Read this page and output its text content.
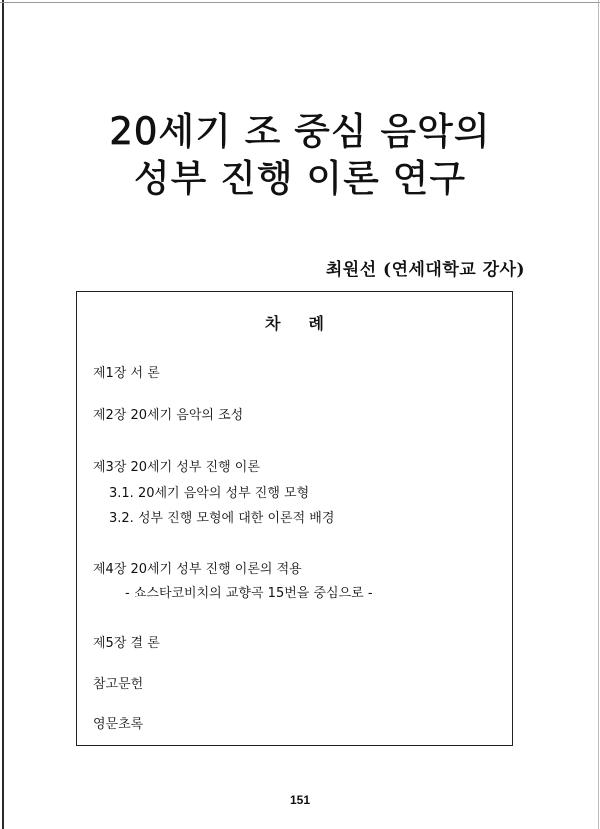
20세기 조 중심 음악의
성부 진행 이론 연구
최원선 (연세대학교 강사)
차례
제1장 서 론
제2장 20세기 음악의 조성
제3장 20세기 성부 진행 이론
3.1. 20세기 음악의 성부 진행 모형
3.2. 성부 진행 모형에 대한 이론적 배경
제4장 20세기 성부 진행 이론의 적용
- 쇼스타코비치의 교향곡 15번을 중심으로 -
제5장 결 론
참고문헌
영문초록
151
